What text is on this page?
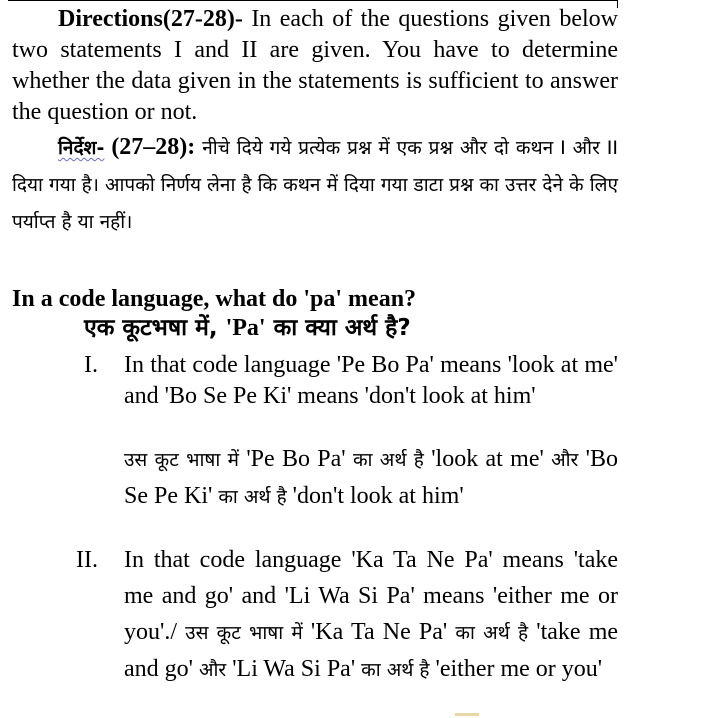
Directions(27-28)- In each of the questions given below two statements I and II are given. You have to determine whether the data given in the statements is sufficient to answer the question or not.
निर्देश- (27–28): नीचे दिये गये प्रत्येक प्रश्न में एक प्रश्न और दो कथन I और II दिया गया है। आपको निर्णय लेना है कि कथन में दिया गया डाटा प्रश्न का उत्तर देने के लिए पर्याप्त है या नहीं।
In a code language, what do 'pa' mean?
एक कूटभषा में, 'Pa' का क्या अर्थ है?
I. In that code language 'Pe Bo Pa' means 'look at me' and 'Bo Se Pe Ki' means 'don't look at him'
उस कूट भाषा में 'Pe Bo Pa' का अर्थ है 'look at me' और 'Bo Se Pe Ki' का अर्थ है 'don't look at him'
II. In that code language 'Ka Ta Ne Pa' means 'take me and go' and 'Li Wa Si Pa' means 'either me or you'./ उस कूट भाषा में 'Ka Ta Ne Pa' का अर्थ है 'take me and go' और 'Li Wa Si Pa' का अर्थ है 'either me or you'
